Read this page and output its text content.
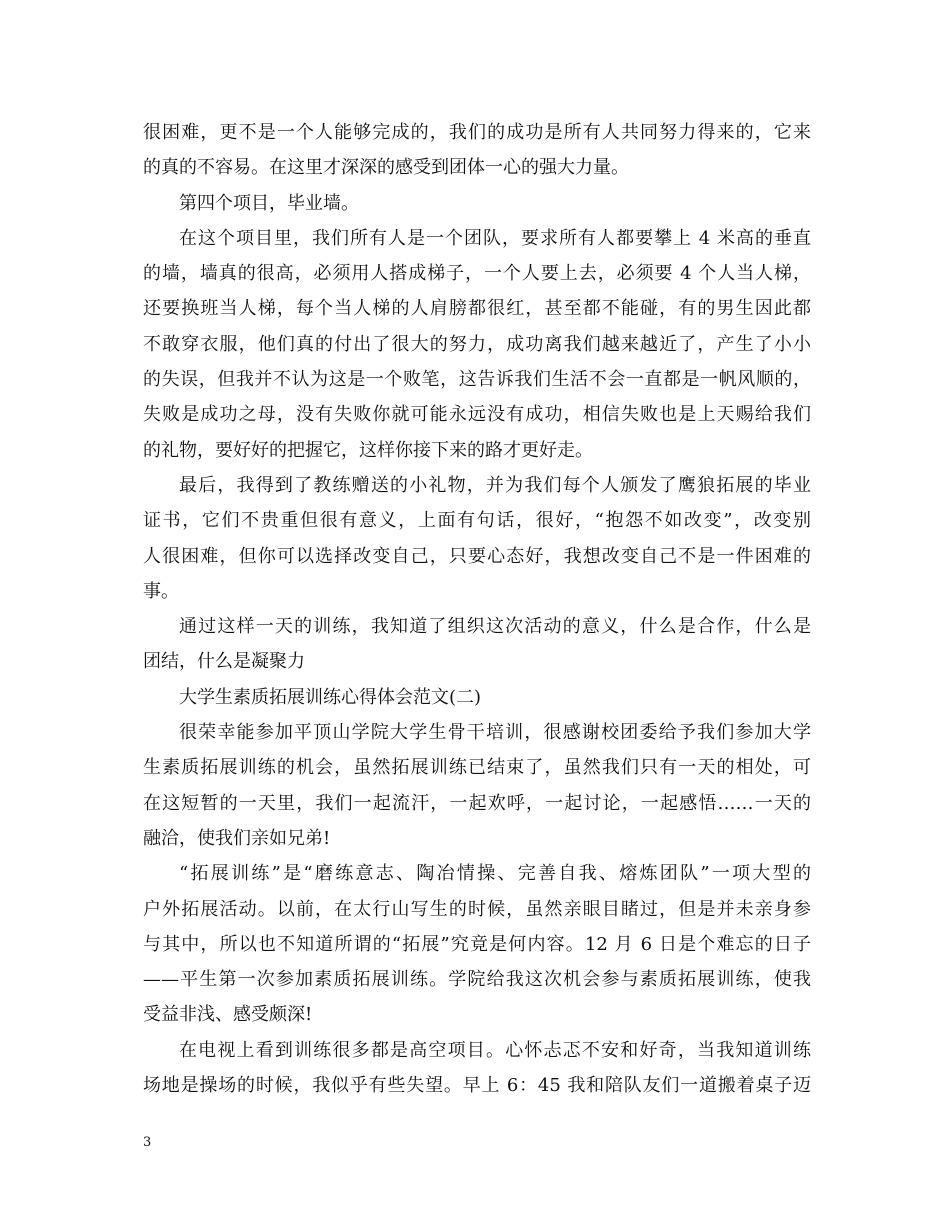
很困难，更不是一个人能够完成的，我们的成功是所有人共同努力得来的，它来
的真的不容易。在这里才深深的感受到团体一心的强大力量。
第四个项目，毕业墙。
在这个项目里，我们所有人是一个团队，要求所有人都要攀上 4 米高的垂直
的墙，墙真的很高，必须用人搭成梯子，一个人要上去，必须要 4 个人当人梯，
还要换班当人梯，每个当人梯的人肩膀都很红，甚至都不能碰，有的男生因此都
不敢穿衣服，他们真的付出了很大的努力，成功离我们越来越近了，产生了小小
的失误，但我并不认为这是一个败笔，这告诉我们生活不会一直都是一帆风顺的，
失败是成功之母，没有失败你就可能永远没有成功，相信失败也是上天赐给我们
的礼物，要好好的把握它，这样你接下来的路才更好走。
最后，我得到了教练赠送的小礼物，并为我们每个人颁发了鹰狼拓展的毕业
证书，它们不贵重但很有意义，上面有句话，很好，“抱怨不如改变”，改变别
人很困难，但你可以选择改变自己，只要心态好，我想改变自己不是一件困难的
事。
通过这样一天的训练，我知道了组织这次活动的意义，什么是合作，什么是
团结，什么是凝聚力
大学生素质拓展训练心得体会范文(二)
很荣幸能参加平顶山学院大学生骨干培训，很感谢校团委给予我们参加大学
生素质拓展训练的机会，虽然拓展训练已结束了，虽然我们只有一天的相处，可
在这短暂的一天里，我们一起流汗，一起欢呼，一起讨论，一起感悟……一天的
融洽，使我们亲如兄弟!
“拓展训练”是“磨练意志、陶冶情操、完善自我、熔炼团队”一项大型的
户外拓展活动。以前，在太行山写生的时候，虽然亲眼目睹过，但是并未亲身参
与其中，所以也不知道所谓的“拓展”究竟是何内容。12 月 6 日是个难忘的日子
——平生第一次参加素质拓展训练。学院给我这次机会参与素质拓展训练，使我
受益非浅、感受颇深!
在电视上看到训练很多都是高空项目。心怀忐忑不安和好奇，当我知道训练
场地是操场的时候，我似乎有些失望。早上 6：45 我和陪队友们一道搬着桌子迈
3
